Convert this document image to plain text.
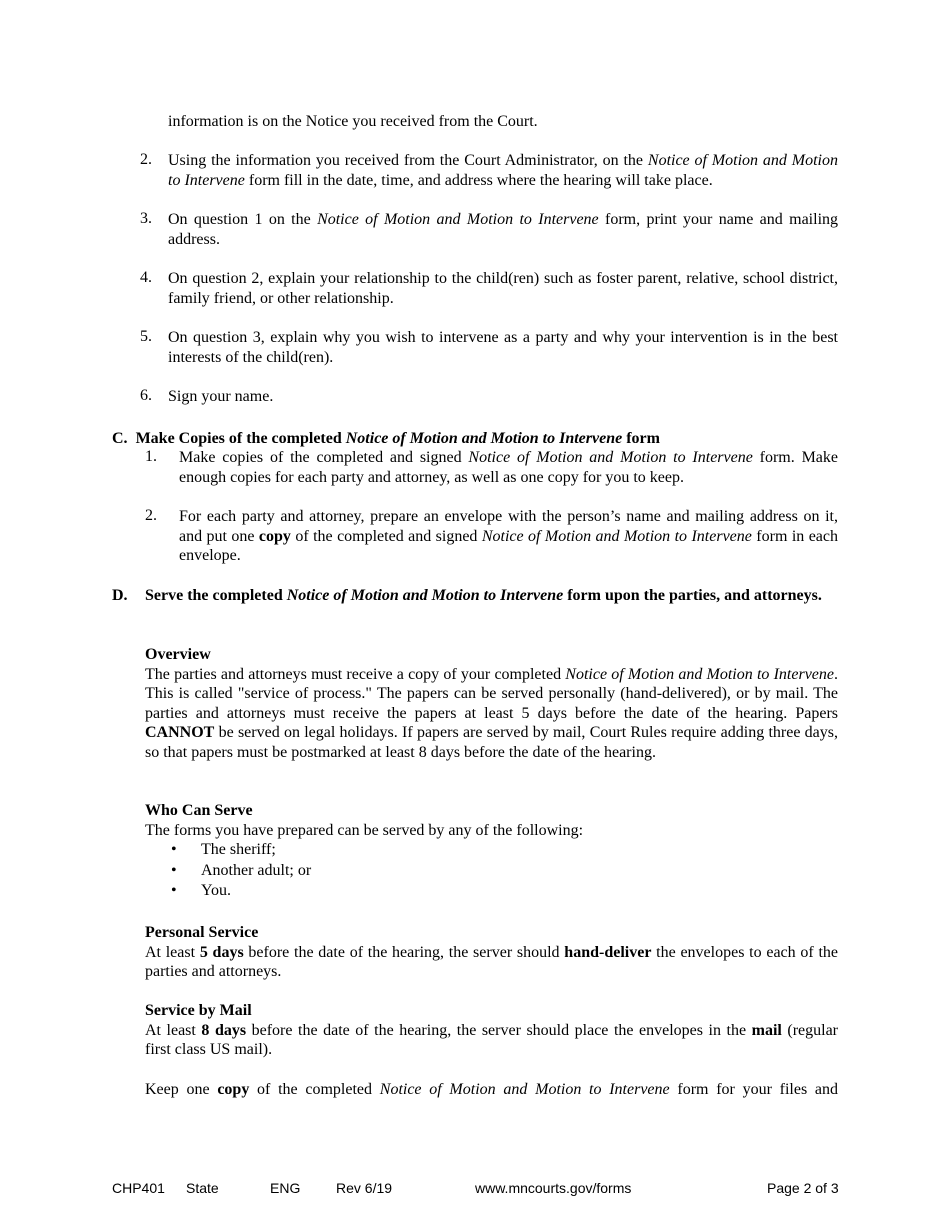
information is on the Notice you received from the Court.

2.	Using the information you received from the Court Administrator, on the Notice of Motion and Motion to Intervene form fill in the date, time, and address where the hearing will take place.

3.	On question 1 on the Notice of Motion and Motion to Intervene form, print your name and mailing address.

4.	On question 2, explain your relationship to the child(ren) such as foster parent, relative, school district, family friend, or other relationship.

5.	On question 3, explain why you wish to intervene as a party and why your intervention is in the best interests of the child(ren).

6.	Sign your name.

C. Make Copies of the completed Notice of Motion and Motion to Intervene form
1.	Make copies of the completed and signed Notice of Motion and Motion to Intervene form. Make enough copies for each party and attorney, as well as one copy for you to keep.

2.	For each party and attorney, prepare an envelope with the person’s name and mailing address on it, and put one copy of the completed and signed Notice of Motion and Motion to Intervene form in each envelope.

D. Serve the completed Notice of Motion and Motion to Intervene form upon the parties, and attorneys.

Overview

The parties and attorneys must receive a copy of your completed Notice of Motion and Motion to Intervene. This is called "service of process." The papers can be served personally (hand-delivered), or by mail. The parties and attorneys must receive the papers at least 5 days before the date of the hearing. Papers CANNOT be served on legal holidays. If papers are served by mail, Court Rules require adding three days, so that papers must be postmarked at least 8 days before the date of the hearing.

Who Can Serve

The forms you have prepared can be served by any of the following:

• The sheriff;
• Another adult; or
• You.

Personal Service

At least 5 days before the date of the hearing, the server should hand-deliver the envelopes to each of the parties and attorneys.

Service by Mail

At least 8 days before the date of the hearing, the server should place the envelopes in the mail (regular first class US mail).

Keep one copy of the completed Notice of Motion and Motion to Intervene form for your files and
CHP401 State	ENG	Rev 6/19	www.mncourts.gov/forms	Page 2 of 3
